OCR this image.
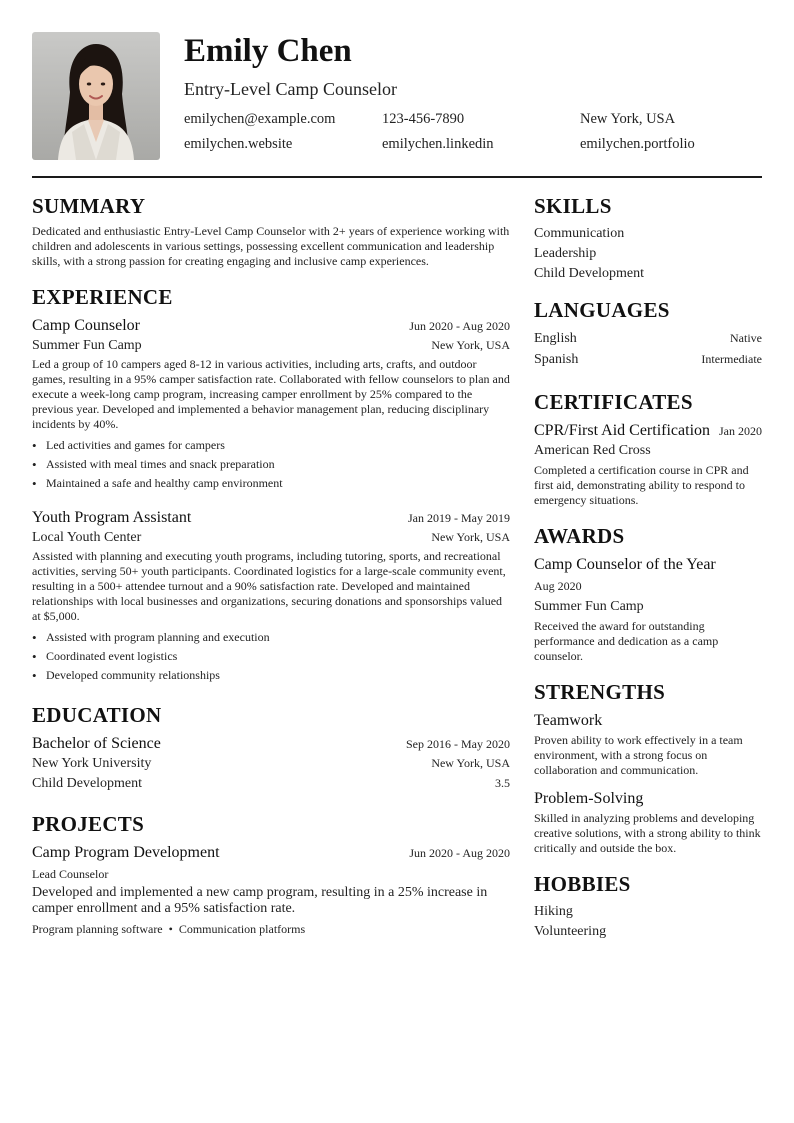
Emily Chen
Entry-Level Camp Counselor
emilychen@example.com	123-456-7890	New York, USA
emilychen.website	emilychen.linkedin	emilychen.portfolio
SUMMARY

Dedicated and enthusiastic Entry-Level Camp Counselor with 2+ years of experience working with children and adolescents in various settings, possessing excellent communication and leadership skills, with a strong passion for creating engaging and inclusive camp experiences.

EXPERIENCE
Camp Counselor	Jun 2020 - Aug 2020
Summer Fun Camp	New York, USA

Led a group of 10 campers aged 8-12 in various activities, including arts, crafts, and outdoor games, resulting in a 95% camper satisfaction rate. Collaborated with fellow counselors to plan and execute a week-long camp program, increasing camper enrollment by 25% compared to the previous year. Developed and implemented a behavior management plan, reducing disciplinary incidents by 40%.

• Led activities and games for campers
• Assisted with meal times and snack preparation
• Maintained a safe and healthy camp environment
Youth Program Assistant	Jan 2019 - May 2019
Local Youth Center	New York, USA

Assisted with planning and executing youth programs, including tutoring, sports, and recreational activities, serving 50+ youth participants. Coordinated logistics for a large-scale community event, resulting in a 500+ attendee turnout and a 90% satisfaction rate. Developed and maintained relationships with local businesses and organizations, securing donations and sponsorships valued at $5,000.

• Assisted with program planning and execution
• Coordinated event logistics
• Developed community relationships
EDUCATION
Bachelor of Science	Sep 2016 - May 2020
New York University	New York, USA
Child Development	3.5
PROJECTS
Camp Program Development	Jun 2020 - Aug 2020
Lead Counselor

Developed and implemented a new camp program, resulting in a 25% increase in camper enrollment and a 95% satisfaction rate.

Program planning software • Communication platforms
SKILLS
Communication
Leadership
Child Development
LANGUAGES
English	Native
Spanish	Intermediate
CERTIFICATES
CPR/First Aid Certification Jan 2020
American Red Cross

Completed a certification course in CPR and first aid, demonstrating ability to respond to emergency situations.

AWARDS
Camp Counselor of the Year
Aug 2020
Summer Fun Camp

Received the award for outstanding performance and dedication as a camp counselor.

STRENGTHS
Teamwork

Proven ability to work effectively in a team environment, with a strong focus on collaboration and communication.

Problem-Solving

Skilled in analyzing problems and developing creative solutions, with a strong ability to think critically and outside the box.

HOBBIES
Hiking
Volunteering
